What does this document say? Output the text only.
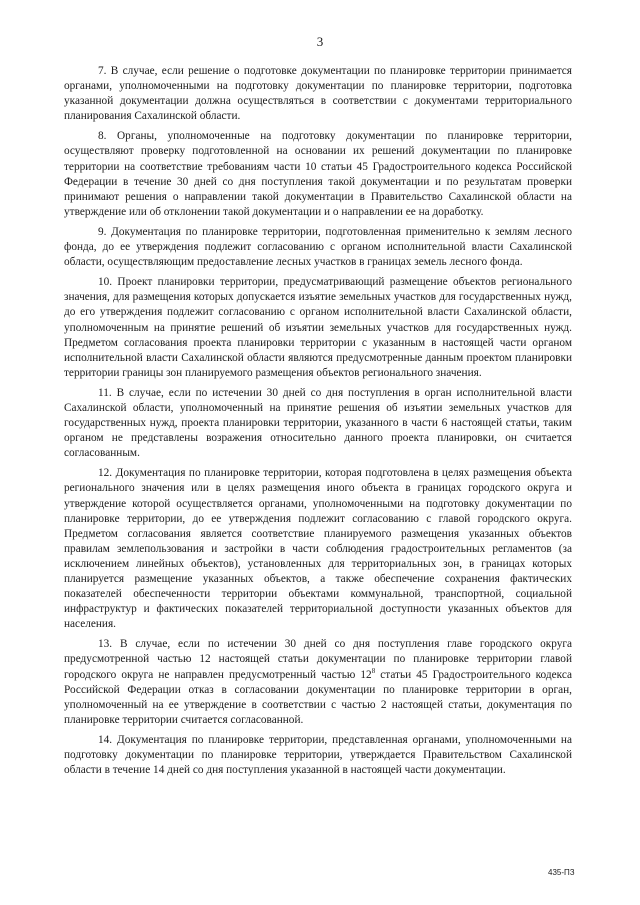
3

7. В случае, если решение о подготовке документации по планировке территории принимается органами, уполномоченными на подготовку документации по планировке территории, подготовка указанной документации должна осуществляться в соответствии с документами территориального планирования Сахалинской области.

8. Органы, уполномоченные на подготовку документации по планировке территории, осуществляют проверку подготовленной на основании их решений документации по планировке территории на соответствие требованиям части 10 статьи 45 Градостроительного кодекса Российской Федерации в течение 30 дней со дня поступления такой документации и по результатам проверки принимают решения о направлении такой документации в Правительство Сахалинской области на утверждение или об отклонении такой документации и о направлении ее на доработку.

9. Документация по планировке территории, подготовленная применительно к землям лесного фонда, до ее утверждения подлежит согласованию с органом исполнительной власти Сахалинской области, осуществляющим предоставление лесных участков в границах земель лесного фонда.

10. Проект планировки территории, предусматривающий размещение объектов регионального значения, для размещения которых допускается изъятие земельных участков для государственных нужд, до его утверждения подлежит согласованию с органом исполнительной власти Сахалинской области, уполномоченным на принятие решений об изъятии земельных участков для государственных нужд. Предметом согласования проекта планировки территории с указанным в настоящей части органом исполнительной власти Сахалинской области являются предусмотренные данным проектом планировки территории границы зон планируемого размещения объектов регионального значения.

11. В случае, если по истечении 30 дней со дня поступления в орган исполнительной власти Сахалинской области, уполномоченный на принятие решения об изъятии земельных участков для государственных нужд, проекта планировки территории, указанного в части 6 настоящей статьи, таким органом не представлены возражения относительно данного проекта планировки, он считается согласованным.

12. Документация по планировке территории, которая подготовлена в целях размещения объекта регионального значения или в целях размещения иного объекта в границах городского округа и утверждение которой осуществляется органами, уполномоченными на подготовку документации по планировке территории, до ее утверждения подлежит согласованию с главой городского округа. Предметом согласования является соответствие планируемого размещения указанных объектов правилам землепользования и застройки в части соблюдения градостроительных регламентов (за исключением линейных объектов), установленных для территориальных зон, в границах которых планируется размещение указанных объектов, а также обеспечение сохранения фактических показателей обеспеченности территории объектами коммунальной, транспортной, социальной инфраструктур и фактических показателей территориальной доступности указанных объектов для населения.

13. В случае, если по истечении 30 дней со дня поступления главе городского округа предусмотренной частью 12 настоящей статьи документации по планировке территории главой городского округа не направлен предусмотренный частью $12^8$ статьи 45 Градостроительного кодекса Российской Федерации отказ в согласовании документации по планировке территории в орган, уполномоченный на ее утверждение в соответствии с частью 2 настоящей статьи, документация по планировке территории считается согласованной.

14. Документация по планировке территории, представленная органами, уполномоченными на подготовку документации по планировке территории, утверждается Правительством Сахалинской области в течение 14 дней со дня поступления указанной в настоящей части документации.

435-ПЗ
